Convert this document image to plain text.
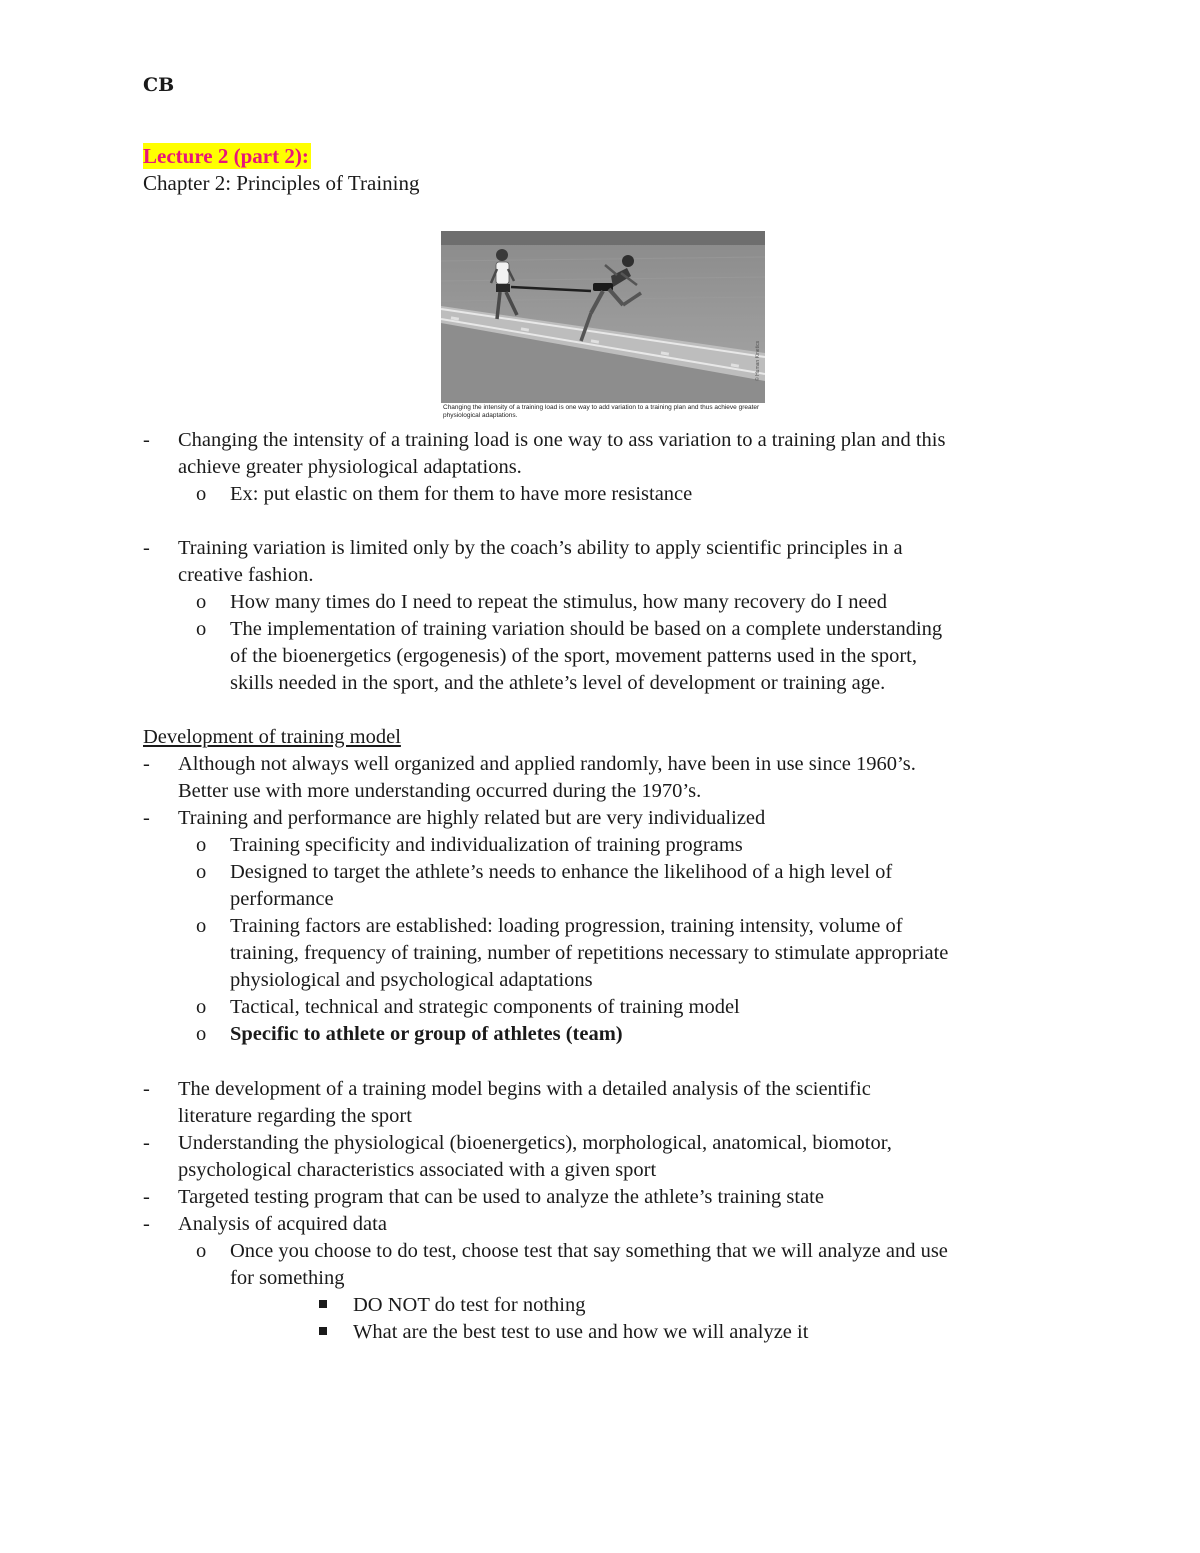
CB
Lecture 2 (part 2):
Chapter 2: Principles of Training
© Human Kinetics
Changing the intensity of a training load is one way to add variation to a training plan and thus achieve greater physiological adaptations.
- Changing the intensity of a training load is one way to ass variation to a training plan and this
achieve greater physiological adaptations.
o Ex: put elastic on them for them to have more resistance
- Training variation is limited only by the coach’s ability to apply scientific principles in a
creative fashion.
o How many times do I need to repeat the stimulus, how many recovery do I need
o The implementation of training variation should be based on a complete understanding
of the bioenergetics (ergogenesis) of the sport, movement patterns used in the sport,
skills needed in the sport, and the athlete’s level of development or training age.
Development of training model
- Although not always well organized and applied randomly, have been in use since 1960’s.
Better use with more understanding occurred during the 1970’s.
- Training and performance are highly related but are very individualized
o Training specificity and individualization of training programs
o Designed to target the athlete’s needs to enhance the likelihood of a high level of
performance
o Training factors are established: loading progression, training intensity, volume of
training, frequency of training, number of repetitions necessary to stimulate appropriate
physiological and psychological adaptations
o Tactical, technical and strategic components of training model
o Specific to athlete or group of athletes (team)
- The development of a training model begins with a detailed analysis of the scientific
literature regarding the sport
- Understanding the physiological (bioenergetics), morphological, anatomical, biomotor,
psychological characteristics associated with a given sport
- Targeted testing program that can be used to analyze the athlete’s training state
- Analysis of acquired data
o Once you choose to do test, choose test that say something that we will analyze and use
for something
DO NOT do test for nothing
What are the best test to use and how we will analyze it
